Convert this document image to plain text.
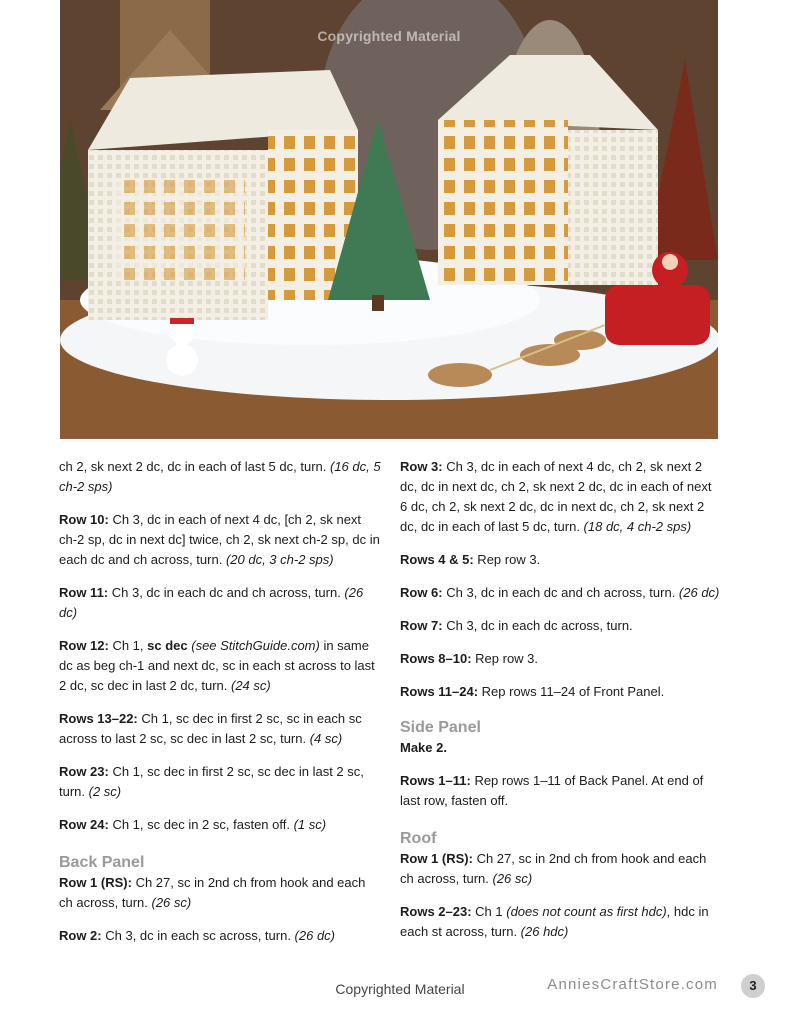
Copyrighted Material

ch 2, sk next 2 dc, dc in each of last 5 dc, turn. (16 dc, 5 ch-2 sps)

Row 10: Ch 3, dc in each of next 4 dc, [ch 2, sk next ch-2 sp, dc in next dc] twice, ch 2, sk next ch-2 sp, dc in each dc and ch across, turn. (20 dc, 3 ch-2 sps)

Row 11: Ch 3, dc in each dc and ch across, turn. (26 dc)

Row 12: Ch 1, sc dec (see StitchGuide.com) in same dc as beg ch-1 and next dc, sc in each st across to last 2 dc, sc dec in last 2 dc, turn. (24 sc)

Rows 13–22: Ch 1, sc dec in first 2 sc, sc in each sc across to last 2 sc, sc dec in last 2 sc, turn. (4 sc)

Row 23: Ch 1, sc dec in first 2 sc, sc dec in last 2 sc, turn. (2 sc)

Row 24: Ch 1, sc dec in 2 sc, fasten off. (1 sc)

Back Panel

Row 1 (RS): Ch 27, sc in 2nd ch from hook and each ch across, turn. (26 sc)

Row 2: Ch 3, dc in each sc across, turn. (26 dc)

Row 3: Ch 3, dc in each of next 4 dc, ch 2, sk next 2 dc, dc in next dc, ch 2, sk next 2 dc, dc in each of next 6 dc, ch 2, sk next 2 dc, dc in next dc, ch 2, sk next 2 dc, dc in each of last 5 dc, turn. (18 dc, 4 ch-2 sps)

Rows 4 & 5: Rep row 3.

Row 6: Ch 3, dc in each dc and ch across, turn. (26 dc)

Row 7: Ch 3, dc in each dc across, turn.

Rows 8–10: Rep row 3.

Rows 11–24: Rep rows 11–24 of Front Panel.

Side Panel

Make 2.

Rows 1–11: Rep rows 1–11 of Back Panel. At end of last row, fasten off.

Roof

Row 1 (RS): Ch 27, sc in 2nd ch from hook and each ch across, turn. (26 sc)

Rows 2–23: Ch 1 (does not count as first hdc), hdc in each st across, turn. (26 hdc)

Copyrighted Material	AnniesCraftStore.com	3
